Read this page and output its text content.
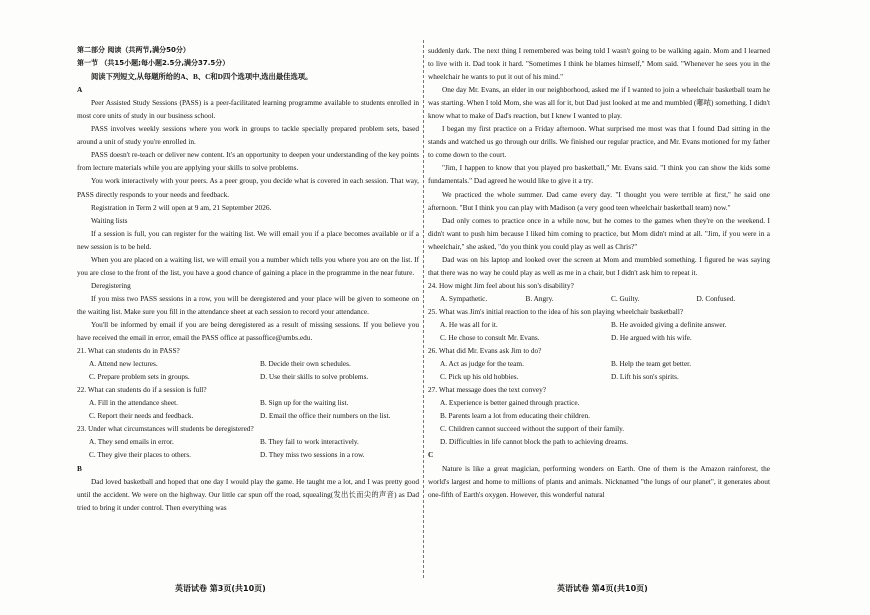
第二部分 阅读（共两节,满分50分）

第一节 （共15小题;每小题2.5分,满分37.5分）

阅读下列短文,从每题所给的A、B、C和D四个选项中,选出最佳选项。

A

Peer Assisted Study Sessions (PASS) is a peer-facilitated learning programme available to students enrolled in most core units of study in our business school.

PASS involves weekly sessions where you work in groups to tackle specially prepared problem sets, based around a unit of study you're enrolled in.

PASS doesn't re-teach or deliver new content. It's an opportunity to deepen your understanding of the key points from lecture materials while you are applying your skills to solve problems.

You work interactively with your peers. As a peer group, you decide what is covered in each session. That way, PASS directly responds to your needs and feedback.

Registration in Term 2 will open at 9 am, 21 September 2026.

Waiting lists

If a session is full, you can register for the waiting list. We will email you if a place becomes available or if a new session is to be held.

When you are placed on a waiting list, we will email you a number which tells you where you are on the list. If you are close to the front of the list, you have a good chance of gaining a place in the programme in the near future.

Deregistering

If you miss two PASS sessions in a row, you will be deregistered and your place will be given to someone on the waiting list. Make sure you fill in the attendance sheet at each session to record your attendance.

You'll be informed by email if you are being deregistered as a result of missing sessions. If you believe you have received the email in error, email the PASS office at passoffice@umbs.edu.

21. What can students do in PASS?

A. Attend new lectures.	B. Decide their own schedules.
C. Prepare problem sets in groups.	D. Use their skills to solve problems.

22. What can students do if a session is full?

A. Fill in the attendance sheet.	B. Sign up for the waiting list.
C. Report their needs and feedback.	D. Email the office their numbers on the list.

23. Under what circumstances will students be deregistered?

A. They send emails in error.	B. They fail to work interactively.
C. They give their places to others.	D. They miss two sessions in a row.

B

Dad loved basketball and hoped that one day I would play the game. He taught me a lot, and I was pretty good until the accident. We were on the highway. Our little car spun off the road, squealing(发出长而尖的声音) as Dad tried to bring it under control. Then everything was

suddenly dark. The next thing I remembered was being told I wasn't going to be walking again. Mom and I learned to live with it. Dad took it hard. "Sometimes I think he blames himself," Mom said. "Whenever he sees you in the wheelchair he wants to put it out of his mind."

One day Mr. Evans, an elder in our neighborhood, asked me if I wanted to join a wheelchair basketball team he was starting. When I told Mom, she was all for it, but Dad just looked at me and mumbled (嘟哝) something. I didn't know what to make of Dad's reaction, but I knew I wanted to play.

I began my first practice on a Friday afternoon. What surprised me most was that I found Dad sitting in the stands and watched us go through our drills. We finished our regular practice, and Mr. Evans motioned for my father to come down to the court.

"Jim, I happen to know that you played pro basketball," Mr. Evans said. "I think you can show the kids some fundamentals." Dad agreed he would like to give it a try.

We practiced the whole summer. Dad came every day. "I thought you were terrible at first," he said one afternoon. "But I think you can play with Madison (a very good teen wheelchair basketball team) now."

Dad only comes to practice once in a while now, but he comes to the games when they're on the weekend. I didn't want to push him because I liked him coming to practice, but Mom didn't mind at all. "Jim, if you were in a wheelchair," she asked, "do you think you could play as well as Chris?"

Dad was on his laptop and looked over the screen at Mom and mumbled something. I figured he was saying that there was no way he could play as well as me in a chair, but I didn't ask him to repeat it.

24. How might Jim feel about his son's disability?

A. Sympathetic.	B. Angry.	C. Guilty.	D. Confused.

25. What was Jim's initial reaction to the idea of his son playing wheelchair basketball?

A. He was all for it.	B. He avoided giving a definite answer.
C. He chose to consult Mr. Evans.	D. He argued with his wife.

26. What did Mr. Evans ask Jim to do?

A. Act as judge for the team.	B. Help the team get better.
C. Pick up his old hobbies.	D. Lift his son's spirits.

27. What message does the text convey?

A. Experience is better gained through practice.
B. Parents learn a lot from educating their children.
C. Children cannot succeed without the support of their family.
D. Difficulties in life cannot block the path to achieving dreams.

C

Nature is like a great magician, performing wonders on Earth. One of them is the Amazon rainforest, the world's largest and home to millions of plants and animals. Nicknamed "the lungs of our planet", it generates about one-fifth of Earth's oxygen. However, this wonderful natural

英语试卷 第3页(共10页)	英语试卷 第4页(共10页)
